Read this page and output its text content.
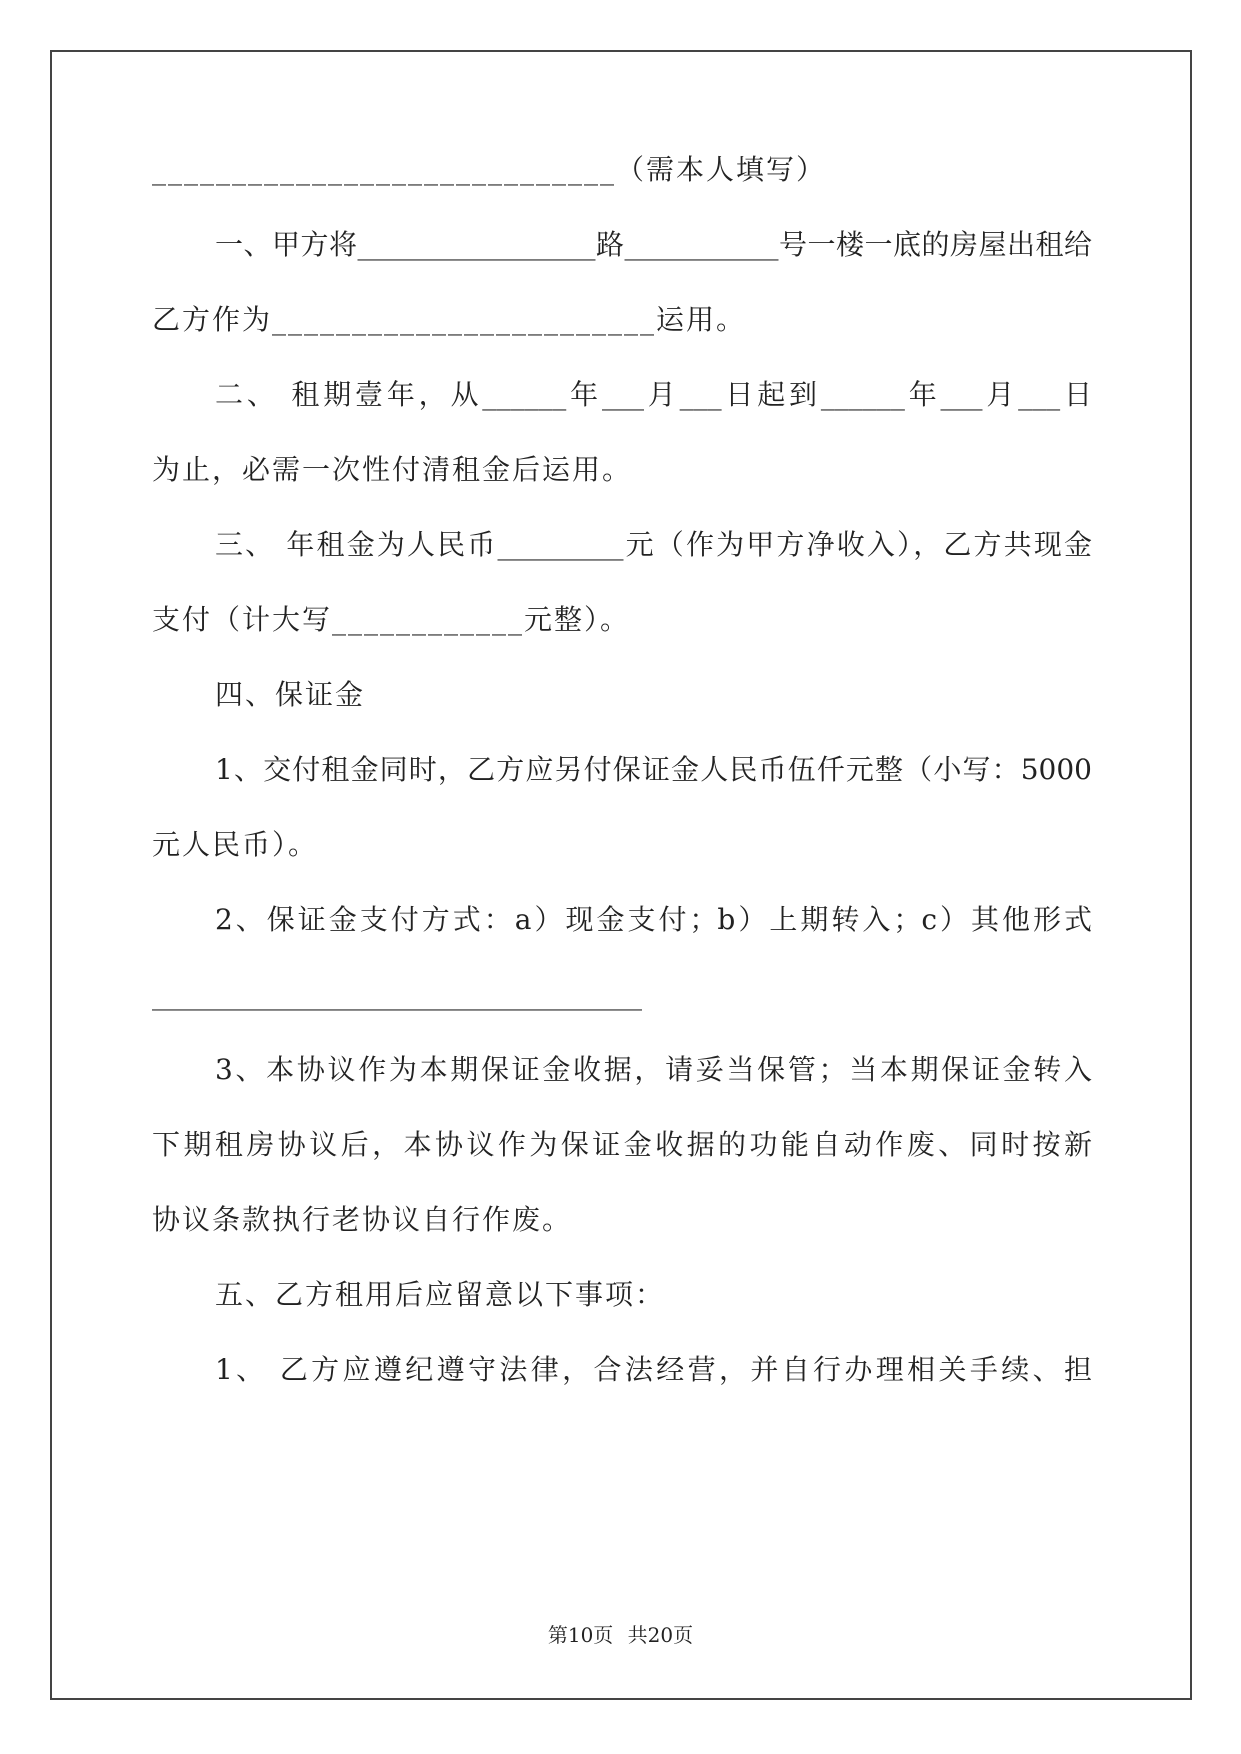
_____________________________（需本人填写）
一、甲方将_________________路___________号一楼一底的房屋出租给
乙方作为________________________运用。
二、 租期壹年，从______年___月___日起到______年___月___日
为止，必需一次性付清租金后运用。
三、 年租金为人民币_________元（作为甲方净收入），乙方共现金
支付（计大写____________元整）。
四、保证金
1、交付租金同时，乙方应另付保证金人民币伍仟元整（小写：5000
元人民币）。
2、保证金支付方式：a）现金支付；b）上期转入；c）其他形式
___________________________________
3、本协议作为本期保证金收据，请妥当保管；当本期保证金转入
下期租房协议后，本协议作为保证金收据的功能自动作废、同时按新
协议条款执行老协议自行作废。
五、乙方租用后应留意以下事项：
1、 乙方应遵纪遵守法律，合法经营，并自行办理相关手续、担
第10页 共20页
